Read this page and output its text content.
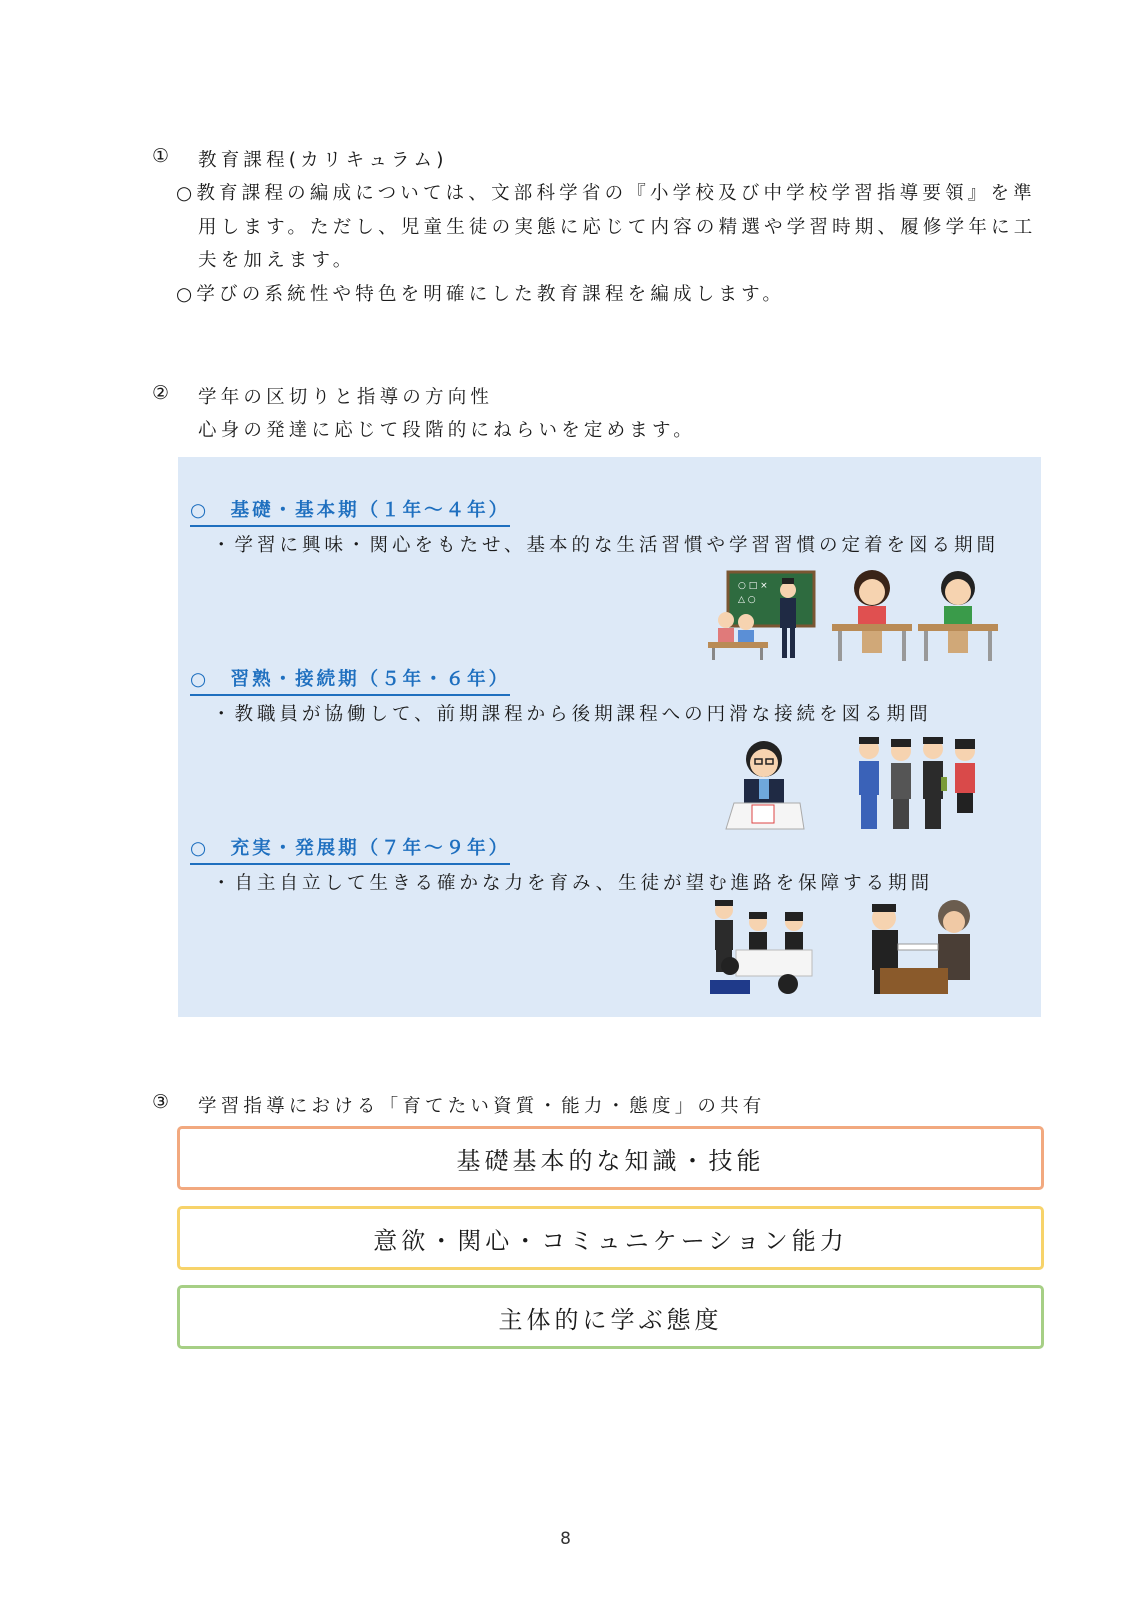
① 教育課程(カリキュラム)
○教育課程の編成については、文部科学省の『小学校及び中学校学習指導要領』を準
用します。ただし、児童生徒の実態に応じて内容の精選や学習時期、履修学年に工
夫を加えます。
○学びの系統性や特色を明確にした教育課程を編成します。
② 学年の区切りと指導の方向性
心身の発達に応じて段階的にねらいを定めます。
○　基礎・基本期（１年～４年）
・学習に興味・関心をもたせ、基本的な生活習慣や学習習慣の定着を図る期間
○ □ ×
△ ○
○　習熟・接続期（５年・６年）
・教職員が協働して、前期課程から後期課程への円滑な接続を図る期間
○　充実・発展期（７年～９年）
・自主自立して生きる確かな力を育み、生徒が望む進路を保障する期間
③ 学習指導における「育てたい資質・能力・態度」の共有
基礎基本的な知識・技能
意欲・関心・コミュニケーション能力
主体的に学ぶ態度
8
